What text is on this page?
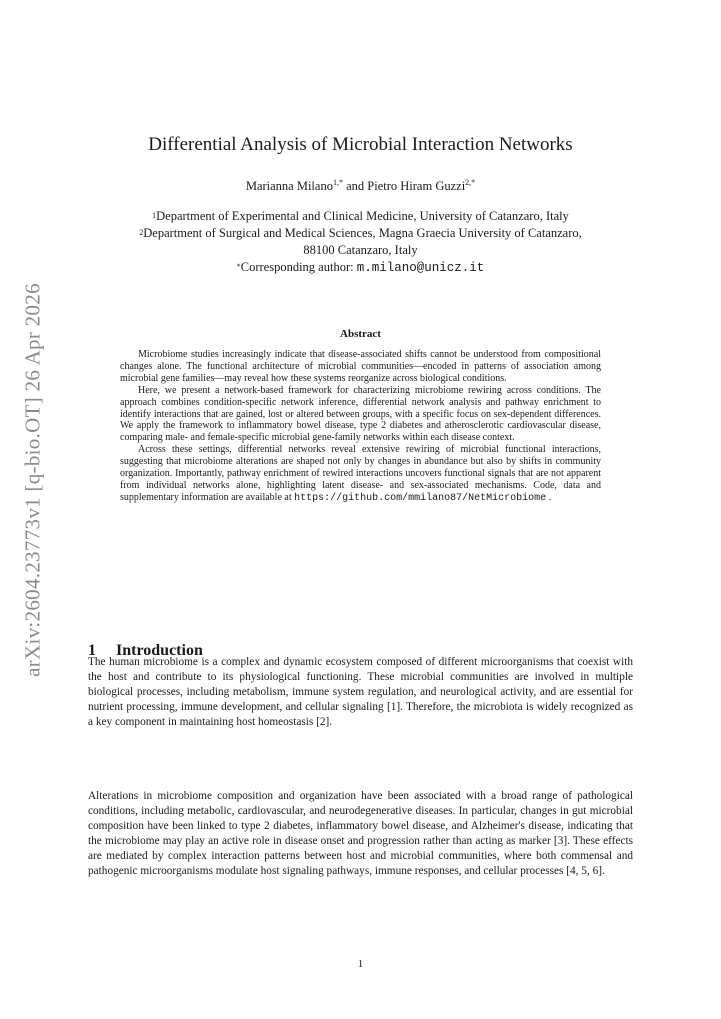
arXiv:2604.23773v1 [q-bio.OT] 26 Apr 2026
Differential Analysis of Microbial Interaction Networks
Marianna Milano$^{1,*}$ and Pietro Hiram Guzzi$^{2,*}$
$^1$Department of Experimental and Clinical Medicine, University of Catanzaro, Italy
$^2$Department of Surgical and Medical Sciences, Magna Graecia University of Catanzaro,
88100 Catanzaro, Italy
*Corresponding author: m.milano@unicz.it
Abstract

Microbiome studies increasingly indicate that disease-associated shifts cannot be understood from compositional changes alone. The functional architecture of microbial communities—encoded in patterns of association among microbial gene families—may reveal how these systems reorganize across biological conditions.

Here, we present a network-based framework for characterizing microbiome rewiring across conditions. The approach combines condition-specific network inference, differential network analysis and pathway enrichment to identify interactions that are gained, lost or altered between groups, with a specific focus on sex-dependent differences. We apply the framework to inflammatory bowel disease, type 2 diabetes and atherosclerotic cardiovascular disease, comparing male- and female-specific microbial gene-family networks within each disease context.

Across these settings, differential networks reveal extensive rewiring of microbial functional interactions, suggesting that microbiome alterations are shaped not only by changes in abundance but also by shifts in community organization. Importantly, pathway enrichment of rewired interactions uncovers functional signals that are not apparent from individual networks alone, highlighting latent disease- and sex-associated mechanisms. Code, data and supplementary information are available at https://github.com/mmilano87/NetMicrobiome .

1 Introduction

The human microbiome is a complex and dynamic ecosystem composed of different microorganisms that coexist with the host and contribute to its physiological functioning. These microbial communities are involved in multiple biological processes, including metabolism, immune system regulation, and neurological activity, and are essential for nutrient processing, immune development, and cellular signaling [1]. Therefore, the microbiota is widely recognized as a key component in maintaining host homeostasis [2].

Alterations in microbiome composition and organization have been associated with a broad range of pathological conditions, including metabolic, cardiovascular, and neurodegenerative diseases. In particular, changes in gut microbial composition have been linked to type 2 diabetes, inflammatory bowel disease, and Alzheimer's disease, indicating that the microbiome may play an active role in disease onset and progression rather than acting as marker [3]. These effects are mediated by complex interaction patterns between host and microbial communities, where both commensal and pathogenic microorganisms modulate host signaling pathways, immune responses, and cellular processes [4, 5, 6].

1
